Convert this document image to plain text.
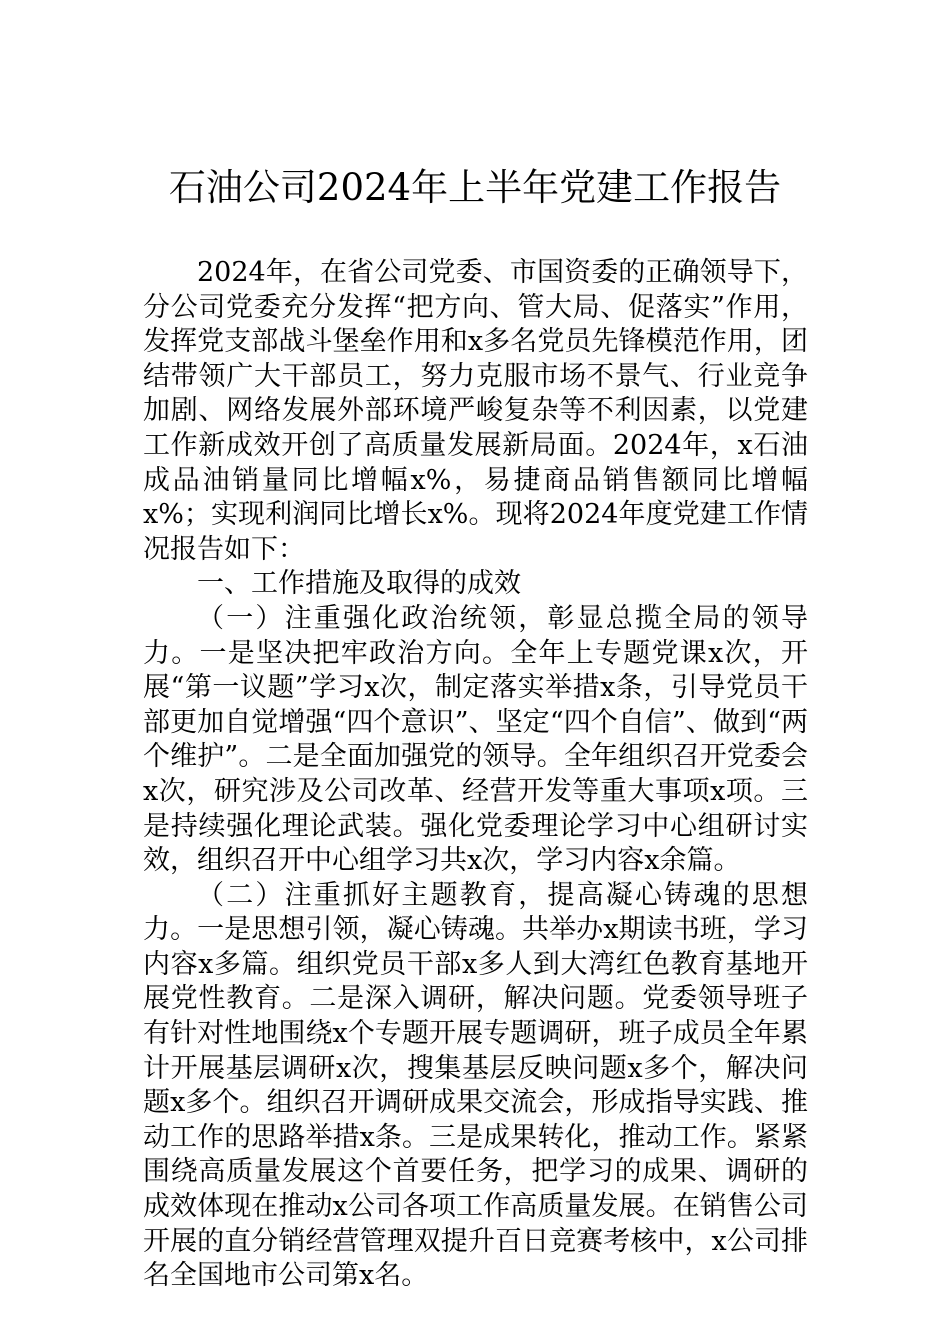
石油公司2024年上半年党建工作报告

2024年，在省公司党委、市国资委的正确领导下，分公司党委充分发挥“把方向、管大局、促落实”作用，发挥党支部战斗堡垒作用和x多名党员先锋模范作用，团结带领广大干部员工，努力克服市场不景气、行业竞争加剧、网络发展外部环境严峻复杂等不利因素，以党建工作新成效开创了高质量发展新局面。2024年，x石油成品油销量同比增幅x%，易捷商品销售额同比增幅x%；实现利润同比增长x%。现将2024年度党建工作情况报告如下：

一、工作措施及取得的成效

（一）注重强化政治统领，彰显总揽全局的领导力。一是坚决把牢政治方向。全年上专题党课x次，开展“第一议题”学习x次，制定落实举措x条，引导党员干部更加自觉增强“四个意识”、坚定“四个自信”、做到“两个维护”。二是全面加强党的领导。全年组织召开党委会x次，研究涉及公司改革、经营开发等重大事项x项。三是持续强化理论武装。强化党委理论学习中心组研讨实效，组织召开中心组学习共x次，学习内容x余篇。

（二）注重抓好主题教育，提高凝心铸魂的思想力。一是思想引领，凝心铸魂。共举办x期读书班，学习内容x多篇。组织党员干部x多人到大湾红色教育基地开展党性教育。二是深入调研，解决问题。党委领导班子有针对性地围绕x个专题开展专题调研，班子成员全年累计开展基层调研x次，搜集基层反映问题x多个，解决问题x多个。组织召开调研成果交流会，形成指导实践、推动工作的思路举措x条。三是成果转化，推动工作。紧紧围绕高质量发展这个首要任务，把学习的成果、调研的成效体现在推动x公司各项工作高质量发展。在销售公司开展的直分销经营管理双提升百日竞赛考核中，x公司排名全国地市公司第x名。
